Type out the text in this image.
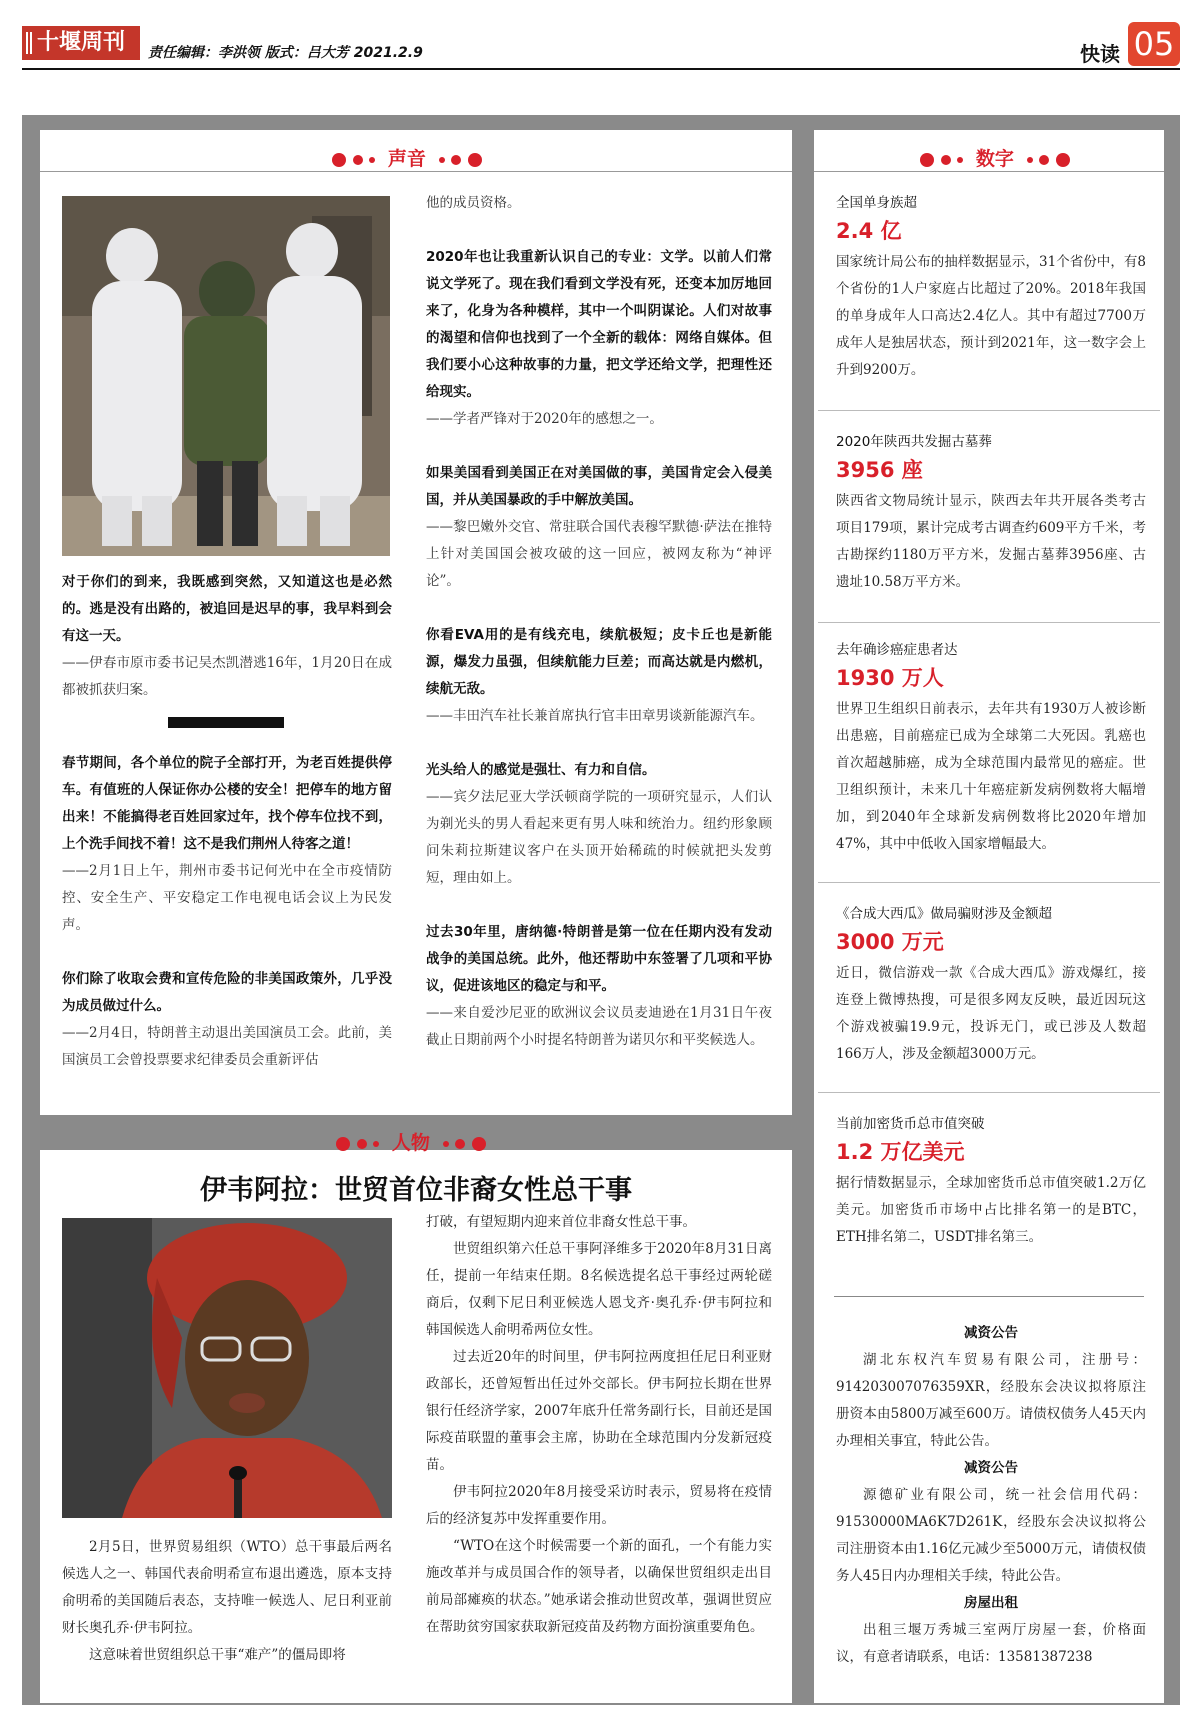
十堰周刊	责任编辑：李洪领 版式：吕大芳 2021.2.9	快读 05
声音

对于你们的到来，我既感到突然，又知道这也是必然的。逃是没有出路的，被追回是迟早的事，我早料到会有这一天。

——伊春市原市委书记吴杰凯潜逃16年，1月20日在成都被抓获归案。

春节期间，各个单位的院子全部打开，为老百姓提供停车。有值班的人保证你办公楼的安全！把停车的地方留出来！不能搞得老百姓回家过年，找个停车位找不到，上个洗手间找不着！这不是我们荆州人待客之道！

——2月1日上午，荆州市委书记何光中在全市疫情防控、安全生产、平安稳定工作电视电话会议上为民发声。

你们除了收取会费和宣传危险的非美国政策外，几乎没为成员做过什么。

——2月4日，特朗普主动退出美国演员工会。此前，美国演员工会曾投票要求纪律委员会重新评估

他的成员资格。

2020年也让我重新认识自己的专业：文学。以前人们常说文学死了。现在我们看到文学没有死，还变本加厉地回来了，化身为各种模样，其中一个叫阴谋论。人们对故事的渴望和信仰也找到了一个全新的载体：网络自媒体。但我们要小心这种故事的力量，把文学还给文学，把理性还给现实。

——学者严锋对于2020年的感想之一。

如果美国看到美国正在对美国做的事，美国肯定会入侵美国，并从美国暴政的手中解放美国。

——黎巴嫩外交官、常驻联合国代表穆罕默德·萨法在推特上针对美国国会被攻破的这一回应，被网友称为“神评论”。

你看EVA用的是有线充电，续航极短；皮卡丘也是新能源，爆发力虽强，但续航能力巨差；而高达就是内燃机，续航无敌。

——丰田汽车社长兼首席执行官丰田章男谈新能源汽车。

光头给人的感觉是强壮、有力和自信。

——宾夕法尼亚大学沃顿商学院的一项研究显示，人们认为剃光头的男人看起来更有男人味和统治力。纽约形象顾问朱莉拉斯建议客户在头顶开始稀疏的时候就把头发剪短，理由如上。

过去30年里，唐纳德·特朗普是第一位在任期内没有发动战争的美国总统。此外，他还帮助中东签署了几项和平协议，促进该地区的稳定与和平。

——来自爱沙尼亚的欧洲议会议员麦迪逊在1月31日午夜截止日期前两个小时提名特朗普为诺贝尔和平奖候选人。

人物
伊韦阿拉：世贸首位非裔女性总干事

2月5日，世界贸易组织（WTO）总干事最后两名候选人之一、韩国代表俞明希宣布退出遴选，原本支持俞明希的美国随后表态，支持唯一候选人、尼日利亚前财长奥孔乔·伊韦阿拉。

这意味着世贸组织总干事“难产”的僵局即将

打破，有望短期内迎来首位非裔女性总干事。

世贸组织第六任总干事阿泽维多于2020年8月31日离任，提前一年结束任期。8名候选提名总干事经过两轮磋商后，仅剩下尼日利亚候选人恩戈齐·奥孔乔·伊韦阿拉和韩国候选人俞明希两位女性。

过去近20年的时间里，伊韦阿拉两度担任尼日利亚财政部长，还曾短暂出任过外交部长。伊韦阿拉长期在世界银行任经济学家，2007年底升任常务副行长，目前还是国际疫苗联盟的董事会主席，协助在全球范围内分发新冠疫苗。

伊韦阿拉2020年8月接受采访时表示，贸易将在疫情后的经济复苏中发挥重要作用。

“WTO在这个时候需要一个新的面孔，一个有能力实施改革并与成员国合作的领导者，以确保世贸组织走出目前局部瘫痪的状态。”她承诺会推动世贸改革，强调世贸应在帮助贫穷国家获取新冠疫苗及药物方面扮演重要角色。

数字
全国单身族超
2.4 亿
国家统计局公布的抽样数据显示，31个省份中，有8个省份的1人户家庭占比超过了20%。2018年我国的单身成年人口高达2.4亿人。其中有超过7700万成年人是独居状态，预计到2021年，这一数字会上升到9200万。
2020年陕西共发掘古墓葬
3956 座
陕西省文物局统计显示，陕西去年共开展各类考古项目179项，累计完成考古调查约609平方千米，考古勘探约1180万平方米，发掘古墓葬3956座、古遗址10.58万平方米。
去年确诊癌症患者达
1930 万人
世界卫生组织日前表示，去年共有1930万人被诊断出患癌，目前癌症已成为全球第二大死因。乳癌也首次超越肺癌，成为全球范围内最常见的癌症。世卫组织预计，未来几十年癌症新发病例数将大幅增加，到2040年全球新发病例数将比2020年增加47%，其中中低收入国家增幅最大。
《合成大西瓜》做局骗财涉及金额超
3000 万元
近日，微信游戏一款《合成大西瓜》游戏爆红，接连登上微博热搜，可是很多网友反映，最近因玩这个游戏被骗19.9元，投诉无门，或已涉及人数超166万人，涉及金额超3000万元。
当前加密货币总市值突破
1.2 万亿美元
据行情数据显示，全球加密货币总市值突破1.2万亿美元。加密货币市场中占比排名第一的是BTC，ETH排名第二，USDT排名第三。
减资公告
湖北东权汽车贸易有限公司，注册号：914203007076359XR，经股东会决议拟将原注册资本由5800万减至600万。请债权债务人45天内办理相关事宜，特此公告。
减资公告
源德矿业有限公司，统一社会信用代码：91530000MA6K7D261K，经股东会决议拟将公司注册资本由1.16亿元减少至5000万元，请债权债务人45日内办理相关手续，特此公告。
房屋出租
出租三堰万秀城三室两厅房屋一套，价格面议，有意者请联系，电话：13581387238
